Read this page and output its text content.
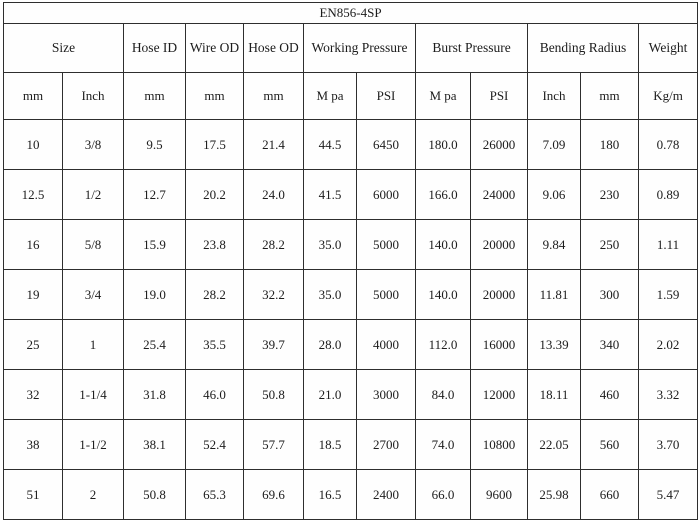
EN856-4SP											
Size		Hose ID	Wire OD	Hose OD	Working Pressure		Burst Pressure		Bending Radius		Weight
mm	Inch	mm	mm	mm	M pa	PSI	M pa	PSI	Inch	mm	Kg/m
10	3/8	9.5	17.5	21.4	44.5	6450	180.0	26000	7.09	180	0.78
12.5	1/2	12.7	20.2	24.0	41.5	6000	166.0	24000	9.06	230	0.89
16	5/8	15.9	23.8	28.2	35.0	5000	140.0	20000	9.84	250	1.11
19	3/4	19.0	28.2	32.2	35.0	5000	140.0	20000	11.81	300	1.59
25	1	25.4	35.5	39.7	28.0	4000	112.0	16000	13.39	340	2.02
32	1-1/4	31.8	46.0	50.8	21.0	3000	84.0	12000	18.11	460	3.32
38	1-1/2	38.1	52.4	57.7	18.5	2700	74.0	10800	22.05	560	3.70
51	2	50.8	65.3	69.6	16.5	2400	66.0	9600	25.98	660	5.47
